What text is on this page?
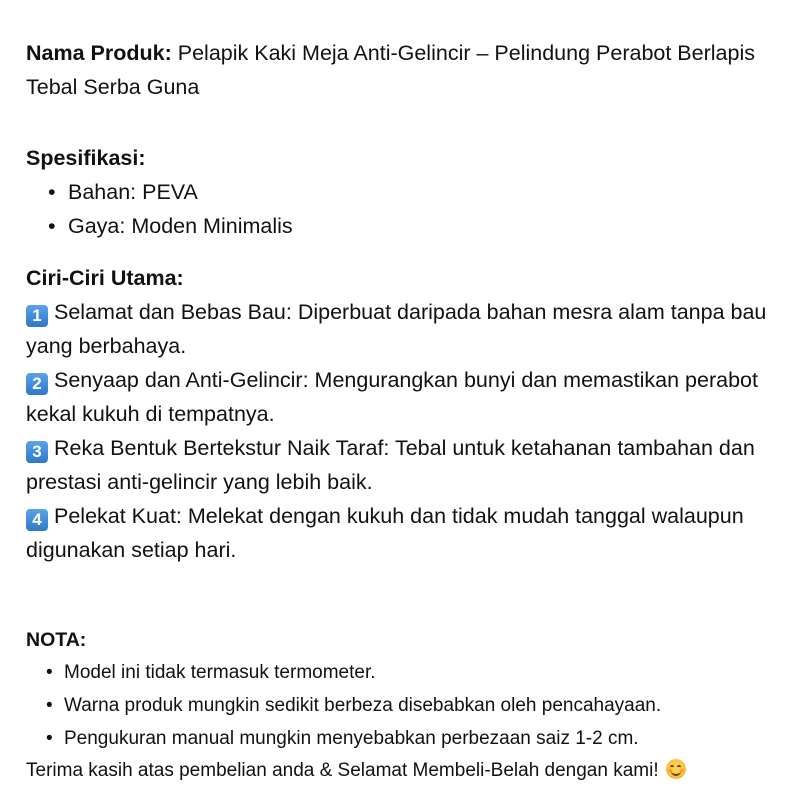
Nama Produk: Pelapik Kaki Meja Anti-Gelincir – Pelindung Perabot Berlapis Tebal Serba Guna
Spesifikasi:
• Bahan: PEVA
• Gaya: Moden Minimalis
Ciri-Ciri Utama:
1 Selamat dan Bebas Bau: Diperbuat daripada bahan mesra alam tanpa bau yang berbahaya.
2 Senyaap dan Anti-Gelincir: Mengurangkan bunyi dan memastikan perabot kekal kukuh di tempatnya.
3 Reka Bentuk Bertekstur Naik Taraf: Tebal untuk ketahanan tambahan dan prestasi anti-gelincir yang lebih baik.
4 Pelekat Kuat: Melekat dengan kukuh dan tidak mudah tanggal walaupun digunakan setiap hari.
NOTA:
• Model ini tidak termasuk termometer.
• Warna produk mungkin sedikit berbeza disebabkan oleh pencahayaan.
• Pengukuran manual mungkin menyebabkan perbezaan saiz 1-2 cm.
Terima kasih atas pembelian anda & Selamat Membeli-Belah dengan kami!
